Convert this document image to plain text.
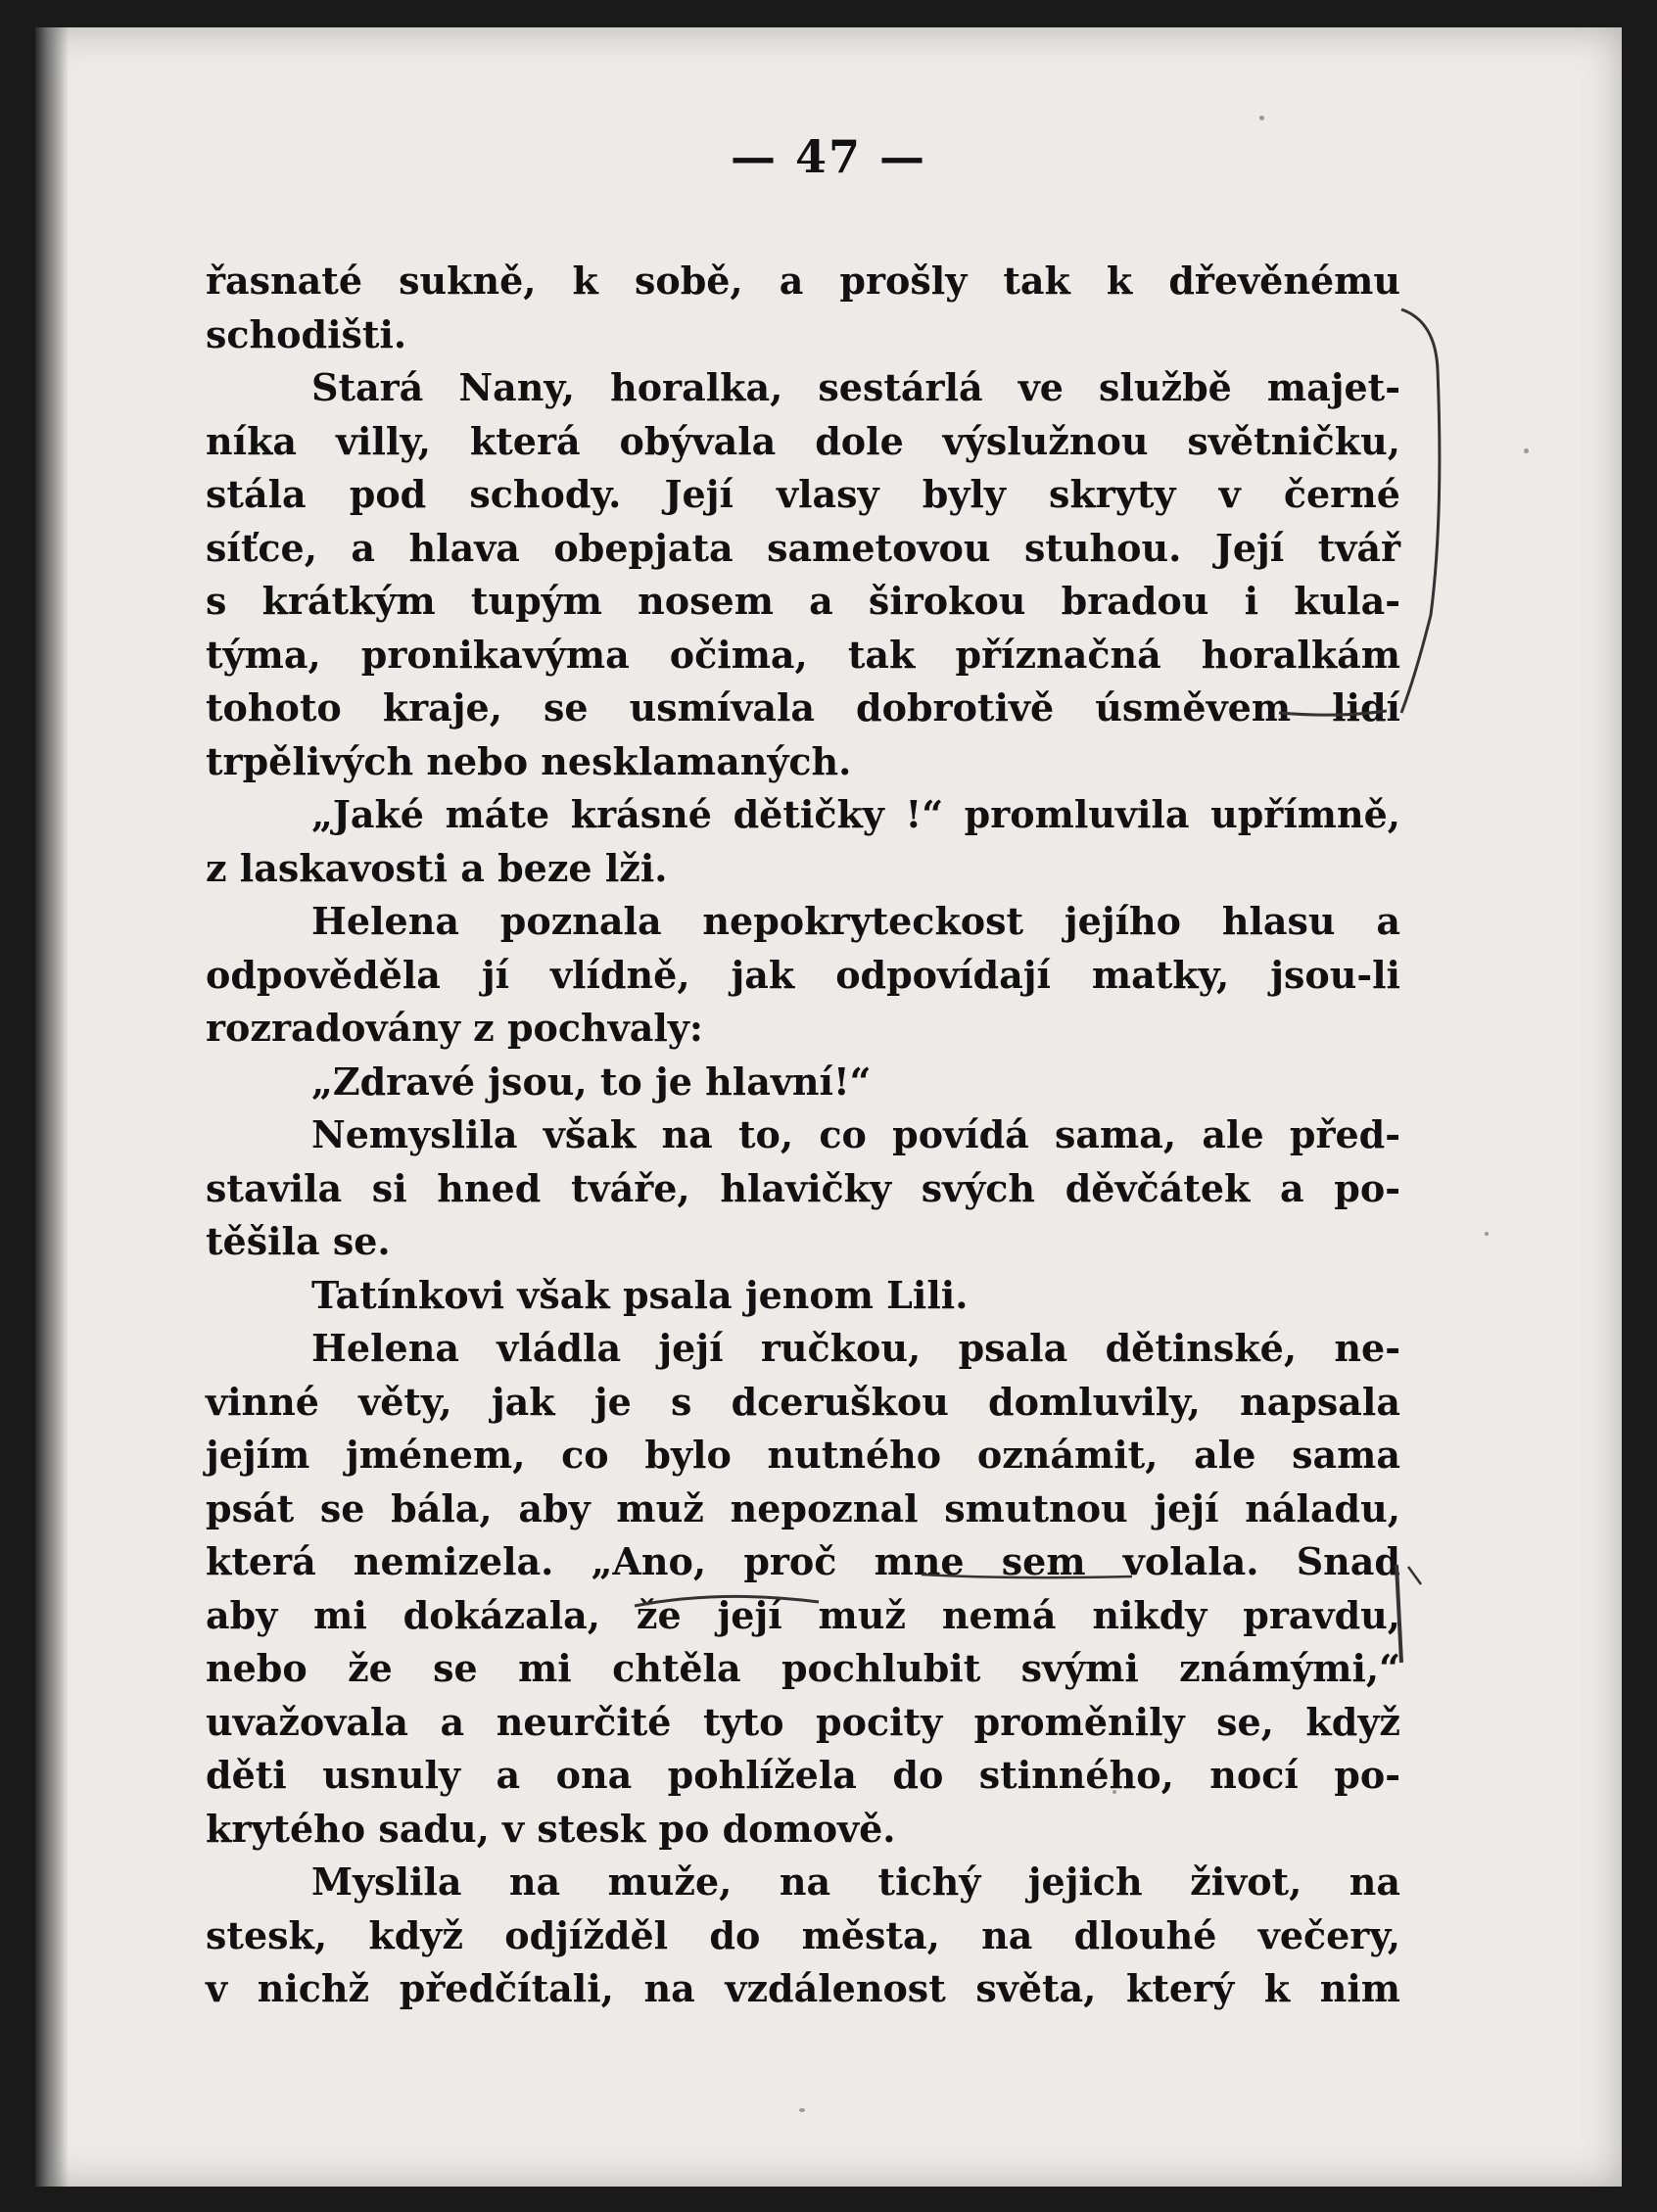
— 47 —
řasnaté sukně, k sobě, a prošly tak k dřevěnému
schodišti.
Stará Nany, horalka, sestárlá ve službě majet-
níka villy, která obývala dole výslužnou světničku,
stála pod schody. Její vlasy byly skryty v černé
síťce, a hlava obepjata sametovou stuhou. Její tvář
s krátkým tupým nosem a širokou bradou i kula-
týma, pronikavýma očima, tak příznačná horalkám
tohoto kraje, se usmívala dobrotivě úsměvem lidí
trpělivých nebo nesklamaných.
„Jaké máte krásné dětičky !“ promluvila upřímně,
z laskavosti a beze lži.
Helena poznala nepokryteckost jejího hlasu a
odpověděla jí vlídně, jak odpovídají matky, jsou-li
rozradovány z pochvaly:
„Zdravé jsou, to je hlavní!“
Nemyslila však na to, co povídá sama, ale před-
stavila si hned tváře, hlavičky svých děvčátek a po-
těšila se.
Tatínkovi však psala jenom Lili.
Helena vládla její ručkou, psala dětinské, ne-
vinné věty, jak je s dceruškou domluvily, napsala
jejím jménem, co bylo nutného oznámit, ale sama
psát se bála, aby muž nepoznal smutnou její náladu,
která nemizela. „Ano, proč mne sem volala. Snad
aby mi dokázala, že její muž nemá nikdy pravdu,
nebo že se mi chtěla pochlubit svými známými,“
uvažovala a neurčité tyto pocity proměnily se, když
děti usnuly a ona pohlížela do stinného, nocí po-
krytého sadu, v stesk po domově.
Myslila na muže, na tichý jejich život, na
stesk, když odjížděl do města, na dlouhé večery,
v nichž předčítali, na vzdálenost světa, který k nim
